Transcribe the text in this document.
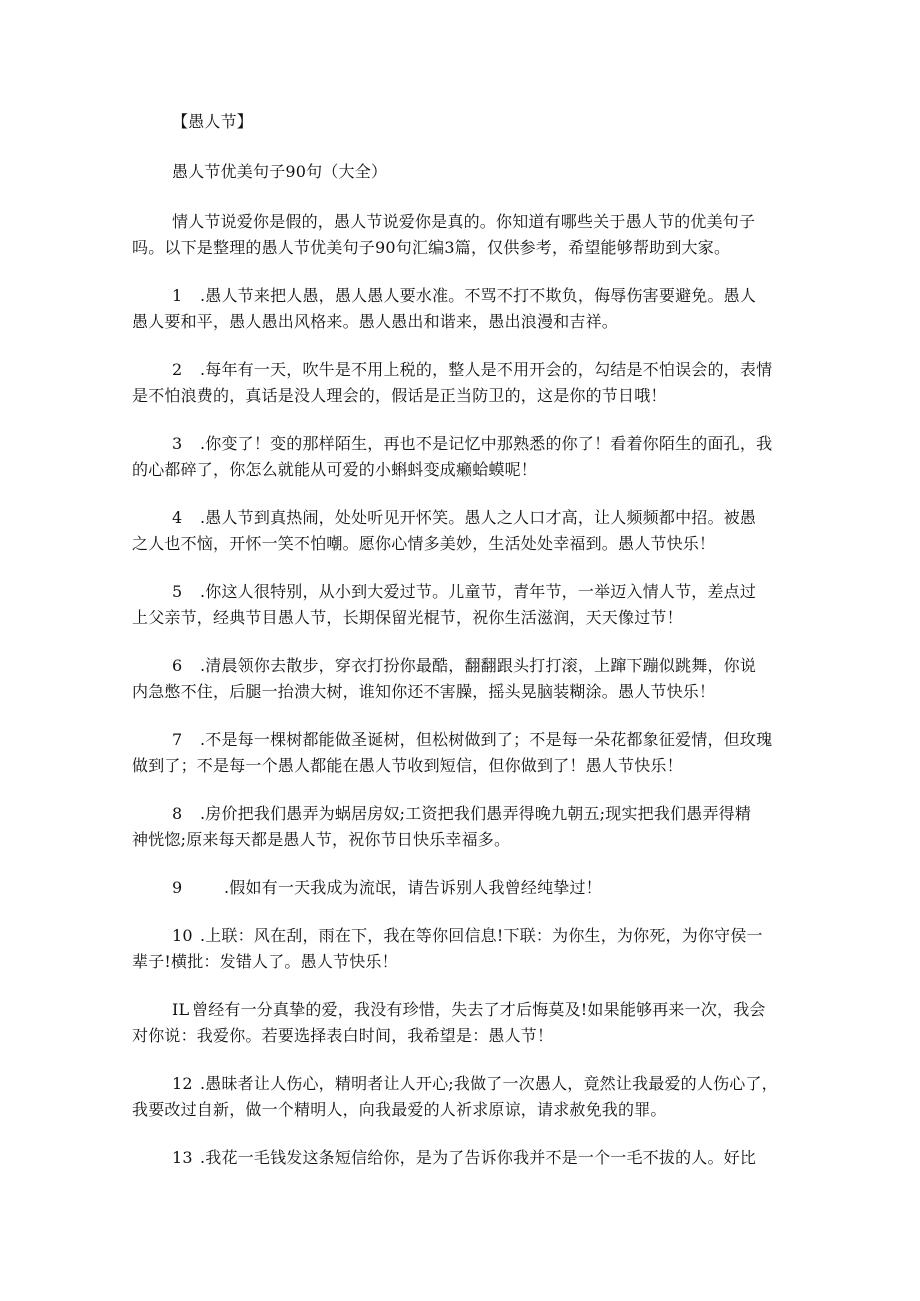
【愚人节】
愚人节优美句子90句（大全）
情人节说爱你是假的，愚人节说爱你是真的。你知道有哪些关于愚人节的优美句子
吗。以下是整理的愚人节优美句子90句汇编3篇，仅供参考，希望能够帮助到大家。
1 .愚人节来把人愚，愚人愚人要水准。不骂不打不欺负，侮辱伤害要避免。愚人
愚人要和平，愚人愚出风格来。愚人愚出和谐来，愚出浪漫和吉祥。
2 .每年有一天，吹牛是不用上税的，整人是不用开会的，勾结是不怕误会的，表情
是不怕浪费的，真话是没人理会的，假话是正当防卫的，这是你的节日哦！
3 .你变了！变的那样陌生，再也不是记忆中那熟悉的你了！看着你陌生的面孔，我
的心都碎了，你怎么就能从可爱的小蝌蚪变成癞蛤蟆呢！
4 .愚人节到真热闹，处处听见开怀笑。愚人之人口才高，让人频频都中招。被愚
之人也不恼，开怀一笑不怕嘲。愿你心情多美妙，生活处处幸福到。愚人节快乐！
5 .你这人很特别，从小到大爱过节。儿童节，青年节，一举迈入情人节，差点过
上父亲节，经典节目愚人节，长期保留光棍节，祝你生活滋润，天天像过节！
6 .清晨领你去散步，穿衣打扮你最酷，翻翻跟头打打滚，上蹿下蹦似跳舞，你说
内急憋不住，后腿一抬溃大树，谁知你还不害臊，摇头晃脑装糊涂。愚人节快乐！
7 .不是每一棵树都能做圣诞树，但松树做到了；不是每一朵花都象征爱情，但玫瑰
做到了；不是每一个愚人都能在愚人节收到短信，但你做到了！愚人节快乐！
8 .房价把我们愚弄为蜗居房奴;工资把我们愚弄得晚九朝五;现实把我们愚弄得精
神恍惚;原来每天都是愚人节，祝你节日快乐幸福多。
9	.假如有一天我成为流氓，请告诉别人我曾经纯挚过！
10 .上联：风在刮，雨在下，我在等你回信息!下联：为你生，为你死，为你守侯一
辈子!横批：发错人了。愚人节快乐！
IL 曾经有一分真挚的爱，我没有珍惜，失去了才后悔莫及!如果能够再来一次，我会
对你说：我爱你。若要选择表白时间，我希望是：愚人节！
12 .愚昧者让人伤心，精明者让人开心;我做了一次愚人，竟然让我最爱的人伤心了，
我要改过自新，做一个精明人，向我最爱的人祈求原谅，请求赦免我的罪。
13 .我花一毛钱发这条短信给你，是为了告诉你我并不是一个一毛不拔的人。好比
